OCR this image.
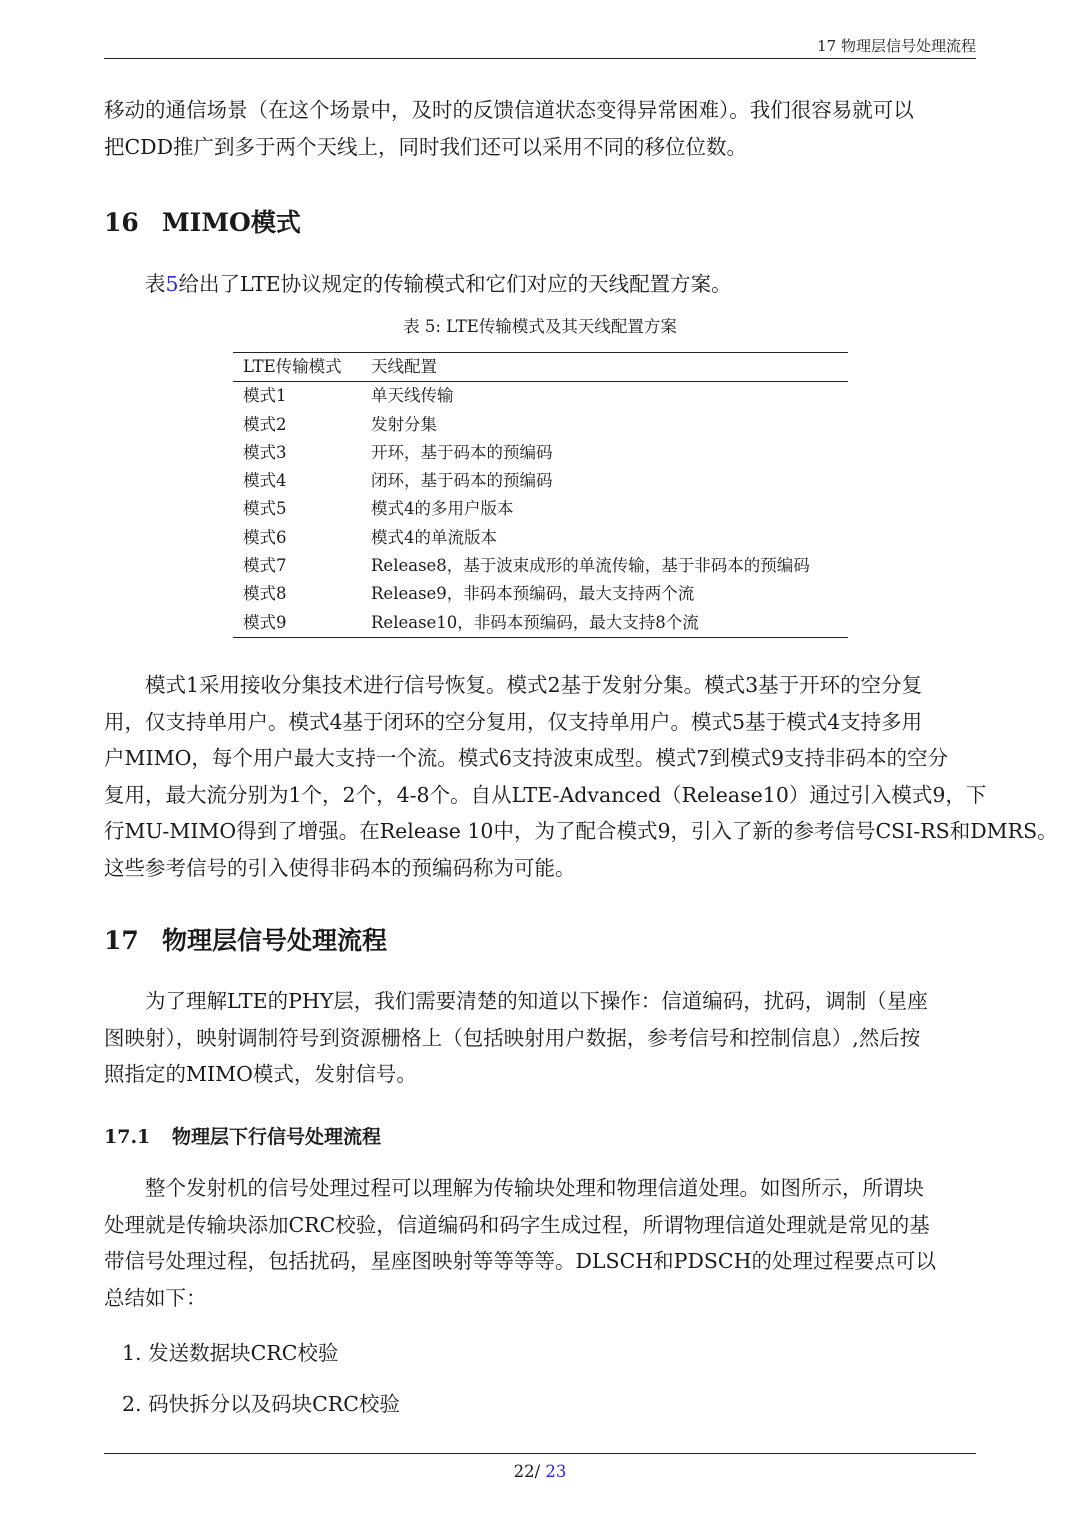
17 物理层信号处理流程

移动的通信场景（在这个场景中，及时的反馈信道状态变得异常困难）。我们很容易就可以
把CDD推广到多于两个天线上，同时我们还可以采用不同的移位位数。

16 MIMO模式

　　表5给出了LTE协议规定的传输模式和它们对应的天线配置方案。

表 5: LTE传输模式及其天线配置方案
LTE传输模式	天线配置
模式1	单天线传输
模式2	发射分集
模式3	开环，基于码本的预编码
模式4	闭环，基于码本的预编码
模式5	模式4的多用户版本
模式6	模式4的单流版本
模式7	Release8，基于波束成形的单流传输，基于非码本的预编码
模式8	Release9，非码本预编码，最大支持两个流
模式9	Release10，非码本预编码，最大支持8个流

　　模式1采用接收分集技术进行信号恢复。模式2基于发射分集。模式3基于开环的空分复
用，仅支持单用户。模式4基于闭环的空分复用，仅支持单用户。模式5基于模式4支持多用
户MIMO，每个用户最大支持一个流。模式6支持波束成型。模式7到模式9支持非码本的空分
复用，最大流分别为1个，2个，4-8个。自从LTE-Advanced（Release10）通过引入模式9，下
行MU-MIMO得到了增强。在Release 10中，为了配合模式9，引入了新的参考信号CSI-RS和DMRS。
这些参考信号的引入使得非码本的预编码称为可能。

17 物理层信号处理流程

　　为了理解LTE的PHY层，我们需要清楚的知道以下操作：信道编码，扰码，调制（星座
图映射），映射调制符号到资源栅格上（包括映射用户数据，参考信号和控制信息）,然后按
照指定的MIMO模式，发射信号。

17.1 物理层下行信号处理流程

　　整个发射机的信号处理过程可以理解为传输块处理和物理信道处理。如图所示，所谓块
处理就是传输块添加CRC校验，信道编码和码字生成过程，所谓物理信道处理就是常见的基
带信号处理过程，包括扰码，星座图映射等等等等。DLSCH和PDSCH的处理过程要点可以
总结如下：

1. 发送数据块CRC校验

2. 码快拆分以及码块CRC校验

22/ 23
